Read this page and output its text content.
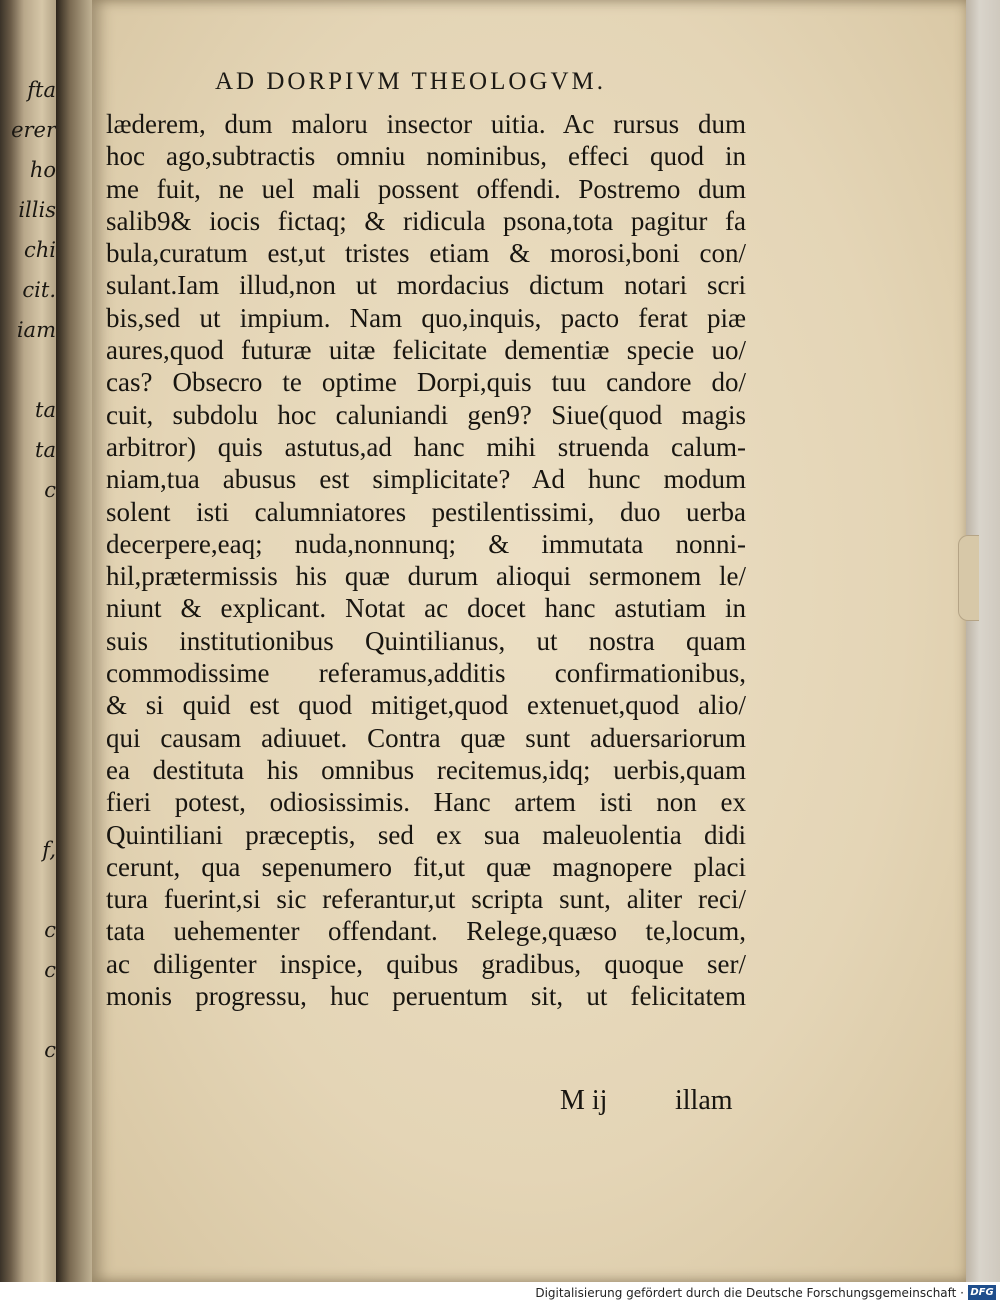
fta
erer
ho
illis
chi
cit.
iam
ta
ta
c
f,
c
c
c
AD DORPIVM THEOLOGVM.
læderem, dum maloru insector uitia. Ac rursus dum
hoc ago,subtractis omniu nominibus, effeci quod in
me fuit, ne uel mali possent offendi. Postremo dum
salib9& iocis fictaq; & ridicula psona,tota pagitur fa
bula,curatum est,ut tristes etiam & morosi,boni con/
sulant.Iam illud,non ut mordacius dictum notari scri
bis,sed ut impium. Nam quo,inquis, pacto ferat piæ
aures,quod futuræ uitæ felicitate dementiæ specie uo/
cas? Obsecro te optime Dorpi,quis tuu candore do/
cuit, subdolu hoc caluniandi gen9? Siue(quod magis
arbitror) quis astutus,ad hanc mihi struenda calum-
niam,tua abusus est simplicitate? Ad hunc modum
solent isti calumniatores pestilentissimi, duo uerba
decerpere,eaq; nuda,nonnunq; & immutata nonni-
hil,prætermissis his quæ durum alioqui sermonem le/
niunt & explicant. Notat ac docet hanc astutiam in
suis institutionibus Quintilianus, ut nostra quam
commodissime referamus,additis confirmationibus,
& si quid est quod mitiget,quod extenuet,quod alio/
qui causam adiuuet. Contra quæ sunt aduersariorum
ea destituta his omnibus recitemus,idq; uerbis,quam
fieri potest, odiosissimis. Hanc artem isti non ex
Quintiliani præceptis, sed ex sua maleuolentia didi
cerunt, qua sepenumero fit,ut quæ magnopere placi
tura fuerint,si sic referantur,ut scripta sunt, aliter reci/
tata uehementer offendant. Relege,quæso te,locum,
ac diligenter inspice, quibus gradibus, quoque ser/
monis progressu, huc peruentum sit, ut felicitatem
M ij illam
Digitalisierung gefördert durch die Deutsche Forschungsgemeinschaft · DFG
